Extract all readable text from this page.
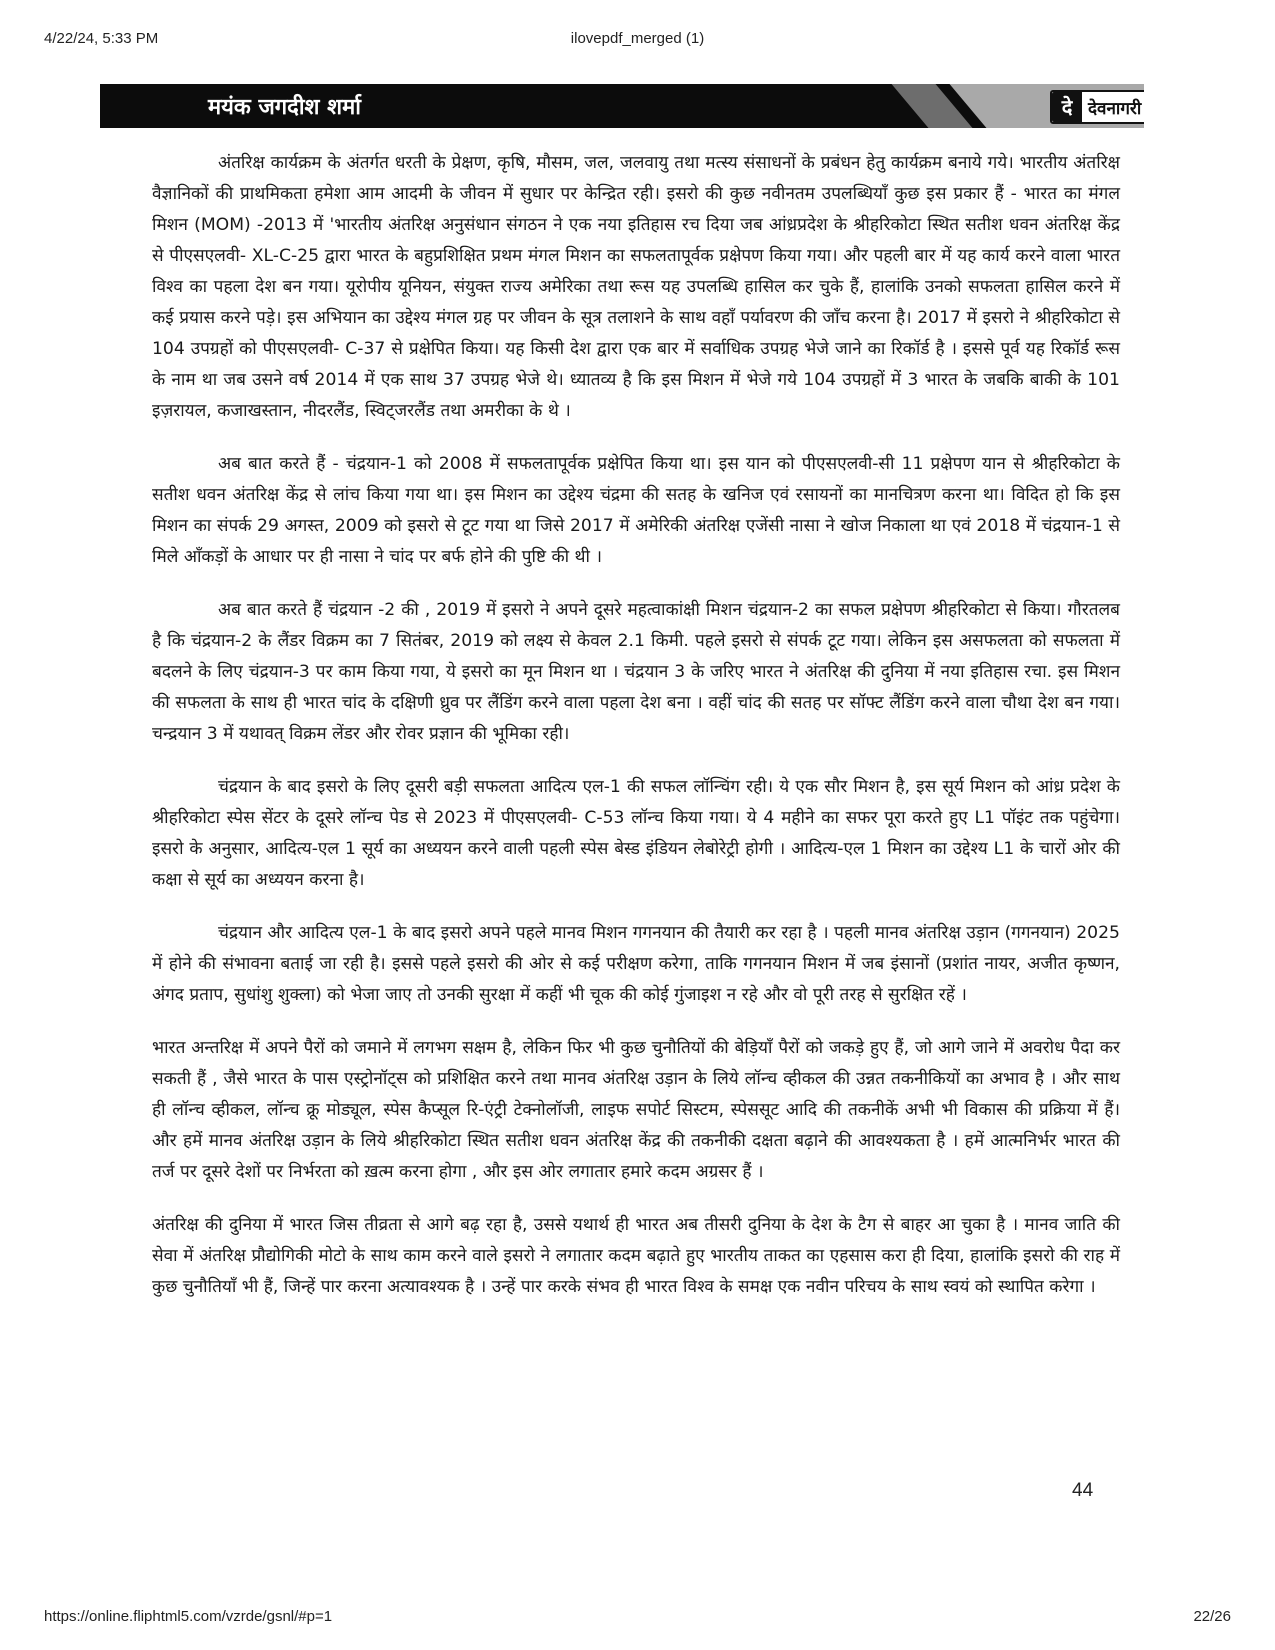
4/22/24, 5:33 PM	ilovepdf_merged (1)
मयंक जगदीश शर्मा	दे देवनागरी

अंतरिक्ष कार्यक्रम के अंतर्गत धरती के प्रेक्षण, कृषि, मौसम, जल, जलवायु तथा मत्स्य संसाधनों के प्रबंधन हेतु कार्यक्रम बनाये गये। भारतीय अंतरिक्ष वैज्ञानिकों की प्राथमिकता हमेशा आम आदमी के जीवन में सुधार पर केन्द्रित रही। इसरो की कुछ नवीनतम उपलब्धियाँ कुछ इस प्रकार हैं - भारत का मंगल मिशन (MOM) -2013 में 'भारतीय अंतरिक्ष अनुसंधान संगठन ने एक नया इतिहास रच दिया जब आंध्रप्रदेश के श्रीहरिकोटा स्थित सतीश धवन अंतरिक्ष केंद्र से पीएसएलवी- XL-C-25 द्वारा भारत के बहुप्रशिक्षित प्रथम मंगल मिशन का सफलतापूर्वक प्रक्षेपण किया गया। और पहली बार में यह कार्य करने वाला भारत विश्व का पहला देश बन गया। यूरोपीय यूनियन, संयुक्त राज्य अमेरिका तथा रूस यह उपलब्धि हासिल कर चुके हैं, हालांकि उनको सफलता हासिल करने में कई प्रयास करने पड़े। इस अभियान का उद्देश्य मंगल ग्रह पर जीवन के सूत्र तलाशने के साथ वहाँ पर्यावरण की जाँच करना है। 2017 में इसरो ने श्रीहरिकोटा से 104 उपग्रहों को पीएसएलवी- C-37 से प्रक्षेपित किया। यह किसी देश द्वारा एक बार में सर्वाधिक उपग्रह भेजे जाने का रिकॉर्ड है । इससे पूर्व यह रिकॉर्ड रूस के नाम था जब उसने वर्ष 2014 में एक साथ 37 उपग्रह भेजे थे। ध्यातव्य है कि इस मिशन में भेजे गये 104 उपग्रहों में 3 भारत के जबकि बाकी के 101 इज़रायल, कजाखस्तान, नीदरलैंड, स्विट्जरलैंड तथा अमरीका के थे ।

अब बात करते हैं - चंद्रयान-1 को 2008 में सफलतापूर्वक प्रक्षेपित किया था। इस यान को पीएसएलवी-सी 11 प्रक्षेपण यान से श्रीहरिकोटा के सतीश धवन अंतरिक्ष केंद्र से लांच किया गया था। इस मिशन का उद्देश्य चंद्रमा की सतह के खनिज एवं रसायनों का मानचित्रण करना था। विदित हो कि इस मिशन का संपर्क 29 अगस्त, 2009 को इसरो से टूट गया था जिसे 2017 में अमेरिकी अंतरिक्ष एजेंसी नासा ने खोज निकाला था एवं 2018 में चंद्रयान-1 से मिले आँकड़ों के आधार पर ही नासा ने चांद पर बर्फ होने की पुष्टि की थी ।

अब बात करते हैं चंद्रयान -2 की , 2019 में इसरो ने अपने दूसरे महत्वाकांक्षी मिशन चंद्रयान-2 का सफल प्रक्षेपण श्रीहरिकोटा से किया। गौरतलब है कि चंद्रयान-2 के लैंडर विक्रम का 7 सितंबर, 2019 को लक्ष्य से केवल 2.1 किमी. पहले इसरो से संपर्क टूट गया। लेकिन इस असफलता को सफलता में बदलने के लिए चंद्रयान-3 पर काम किया गया, ये इसरो का मून मिशन था । चंद्रयान 3 के जरिए भारत ने अंतरिक्ष की दुनिया में नया इतिहास रचा. इस मिशन की सफलता के साथ ही भारत चांद के दक्षिणी ध्रुव पर लैंडिंग करने वाला पहला देश बना । वहीं चांद की सतह पर सॉफ्ट लैंडिंग करने वाला चौथा देश बन गया। चन्द्रयान 3 में यथावत् विक्रम लेंडर और रोवर प्रज्ञान की भूमिका रही।

चंद्रयान के बाद इसरो के लिए दूसरी बड़ी सफलता आदित्य एल-1 की सफल लॉन्चिंग रही। ये एक सौर मिशन है, इस सूर्य मिशन को आंध्र प्रदेश के श्रीहरिकोटा स्पेस सेंटर के दूसरे लॉन्च पेड से 2023 में पीएसएलवी- C-53 लॉन्च किया गया। ये 4 महीने का सफर पूरा करते हुए L1 पॉइंट तक पहुंचेगा। इसरो के अनुसार, आदित्य-एल 1 सूर्य का अध्ययन करने वाली पहली स्पेस बेस्ड इंडियन लेबोरेट्री होगी । आदित्य-एल 1 मिशन का उद्देश्य L1 के चारों ओर की कक्षा से सूर्य का अध्ययन करना है।

चंद्रयान और आदित्य एल-1 के बाद इसरो अपने पहले मानव मिशन गगनयान की तैयारी कर रहा है । पहली मानव अंतरिक्ष उड़ान (गगनयान) 2025 में होने की संभावना बताई जा रही है। इससे पहले इसरो की ओर से कई परीक्षण करेगा, ताकि गगनयान मिशन में जब इंसानों (प्रशांत नायर, अजीत कृष्णन, अंगद प्रताप, सुधांशु शुक्ला) को भेजा जाए तो उनकी सुरक्षा में कहीं भी चूक की कोई गुंजाइश न रहे और वो पूरी तरह से सुरक्षित रहें ।

भारत अन्तरिक्ष में अपने पैरों को जमाने में लगभग सक्षम है, लेकिन फिर भी कुछ चुनौतियों की बेड़ियाँ पैरों को जकड़े हुए हैं, जो आगे जाने में अवरोध पैदा कर सकती हैं , जैसे भारत के पास एस्ट्रोनॉट्स को प्रशिक्षित करने तथा मानव अंतरिक्ष उड़ान के लिये लॉन्च व्हीकल की उन्नत तकनीकियों का अभाव है । और साथ ही लॉन्च व्हीकल, लॉन्च क्रू मोड्यूल, स्पेस कैप्सूल रि-एंट्री टेक्नोलॉजी, लाइफ सपोर्ट सिस्टम, स्पेससूट आदि की तकनीकें अभी भी विकास की प्रक्रिया में हैं। और हमें मानव अंतरिक्ष उड़ान के लिये श्रीहरिकोटा स्थित सतीश धवन अंतरिक्ष केंद्र की तकनीकी दक्षता बढ़ाने की आवश्यकता है । हमें आत्मनिर्भर भारत की तर्ज पर दूसरे देशों पर निर्भरता को ख़त्म करना होगा , और इस ओर लगातार हमारे कदम अग्रसर हैं ।

अंतरिक्ष की दुनिया में भारत जिस तीव्रता से आगे बढ़ रहा है, उससे यथार्थ ही भारत अब तीसरी दुनिया के देश के टैग से बाहर आ चुका है । मानव जाति की सेवा में अंतरिक्ष प्रौद्योगिकी मोटो के साथ काम करने वाले इसरो ने लगातार कदम बढ़ाते हुए भारतीय ताकत का एहसास करा ही दिया, हालांकि इसरो की राह में कुछ चुनौतियाँ भी हैं, जिन्हें पार करना अत्यावश्यक है । उन्हें पार करके संभव ही भारत विश्व के समक्ष एक नवीन परिचय के साथ स्वयं को स्थापित करेगा ।

44
https://online.fliphtml5.com/vzrde/gsnl/#p=1	22/26
